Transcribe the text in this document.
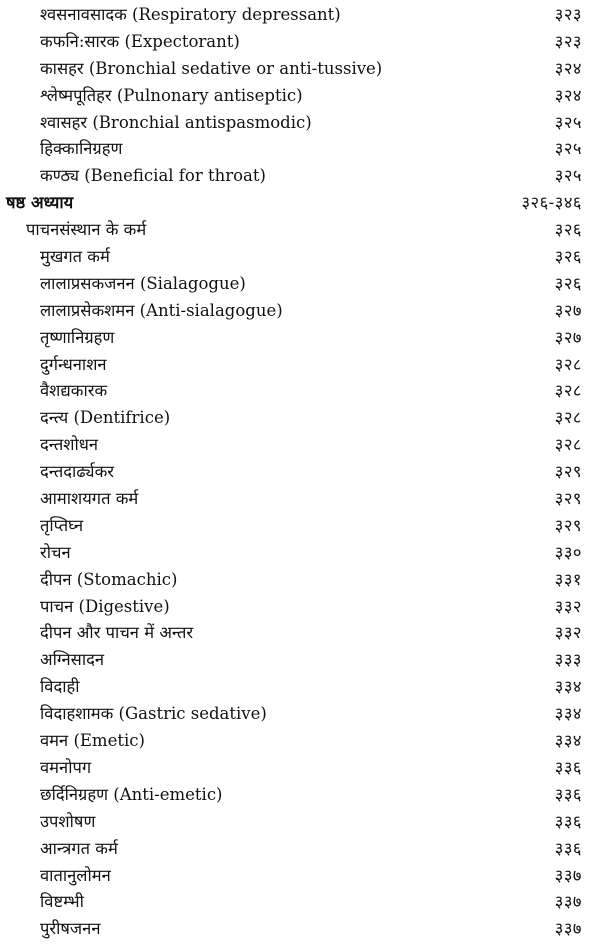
श्वसनावसादक (Respiratory depressant)	३२३
कफनि:सारक (Expectorant)	३२३
कासहर (Bronchial sedative or anti-tussive)	३२४
श्लेष्मपूतिहर (Pulnonary antiseptic)	३२४
श्वासहर (Bronchial antispasmodic)	३२५
हिक्कानिग्रहण	३२५
कण्ठ्य (Beneficial for throat)	३२५
षष्ठ अध्याय	३२६-३४६
पाचनसंस्थान के कर्म	३२६
मुखगत कर्म	३२६
लालाप्रसकजनन (Sialagogue)	३२६
लालाप्रसेकशमन (Anti-sialagogue)	३२७
तृष्णानिग्रहण	३२७
दुर्गन्धनाशन	३२८
वैशद्यकारक	३२८
दन्त्य (Dentifrice)	३२८
दन्तशोधन	३२८
दन्तदार्ढ्यकर	३२९
आमाशयगत कर्म	३२९
तृप्तिघ्न	३२९
रोचन	३३०
दीपन (Stomachic)	३३१
पाचन (Digestive)	३३२
दीपन और पाचन में अन्तर	३३२
अग्निसादन	३३३
विदाही	३३४
विदाहशामक (Gastric sedative)	३३४
वमन (Emetic)	३३४
वमनोपग	३३६
छर्दिनिग्रहण (Anti-emetic)	३३६
उपशोषण	३३६
आन्त्रगत कर्म	३३६
वातानुलोमन	३३७
विष्टम्भी	३३७
पुरीषजनन	३३७
